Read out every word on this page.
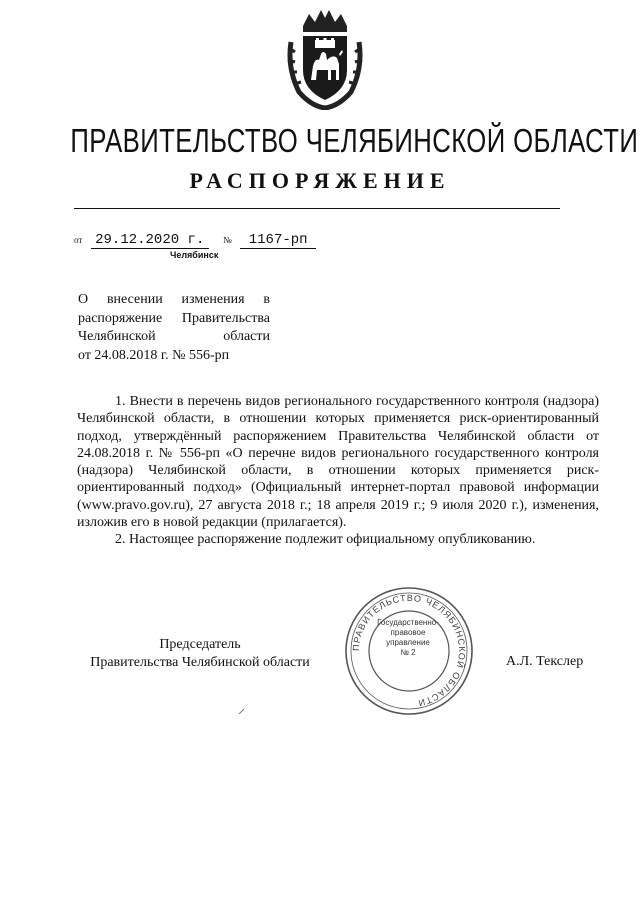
ПРАВИТЕЛЬСТВО ЧЕЛЯБИНСКОЙ ОБЛАСТИ
РАСПОРЯЖЕНИЕ
от 29.12.2020 г. № 1167-рп
Челябинск
О внесении изменения в
распоряжение Правительства
Челябинской области
от 24.08.2018 г. № 556-рп

1. Внести в перечень видов регионального государственного контроля (надзора) Челябинской области, в отношении которых применяется риск-ориентированный подход, утверждённый распоряжением Правительства Челябинской области от 24.08.2018 г. № 556-рп «О перечне видов регионального государственного контроля (надзора) Челябинской области, в отношении которых применяется риск-ориентированный подход» (Официальный интернет-портал правовой информации (www.pravo.gov.ru), 27 августа 2018 г.; 18 апреля 2019 г.; 9 июля 2020 г.), изменения, изложив его в новой редакции (прилагается).

2. Настоящее распоряжение подлежит официальному опубликованию.

ПРАВИТЕЛЬСТВО ЧЕЛЯБИНСКОЙ ОБЛАСТИ
Государственно-
правовое
управление
№ 2
Председатель
Правительства Челябинской области	А.Л. Текслер
